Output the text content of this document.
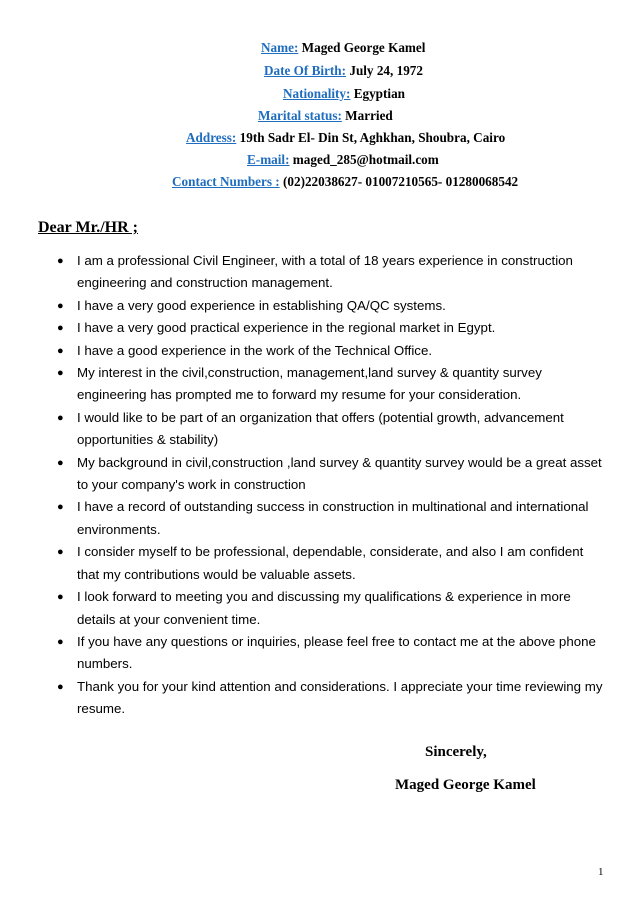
Name: Maged George Kamel
Date Of Birth: July 24, 1972
Nationality: Egyptian
Marital status: Married
Address: 19th Sadr El- Din St, Aghkhan, Shoubra, Cairo
E-mail: maged_285@hotmail.com
Contact Numbers : (02)22038627- 01007210565- 01280068542
Dear Mr./HR ;
● I am a professional Civil Engineer, with a total of 18 years experience in construction engineering and construction management.
● I have a very good experience in establishing QA/QC systems.
● I have a very good practical experience in the regional market in Egypt.
● I have a good experience in the work of the Technical Office.
● My interest in the civil,construction, management,land survey & quantity survey engineering has prompted me to forward my resume for your consideration.
● I would like to be part of an organization that offers (potential growth, advancement opportunities & stability)
● My background in civil,construction ,land survey & quantity survey would be a great asset to your company's work in construction
● I have a record of outstanding success in construction in multinational and international environments.
● I consider myself to be professional, dependable, considerate, and also I am confident that my contributions would be valuable assets.
● I look forward to meeting you and discussing my qualifications & experience in more details at your convenient time.
● If you have any questions or inquiries, please feel free to contact me at the above phone numbers.
● Thank you for your kind attention and considerations. I appreciate your time reviewing my resume.
Sincerely,
Maged George Kamel
1
